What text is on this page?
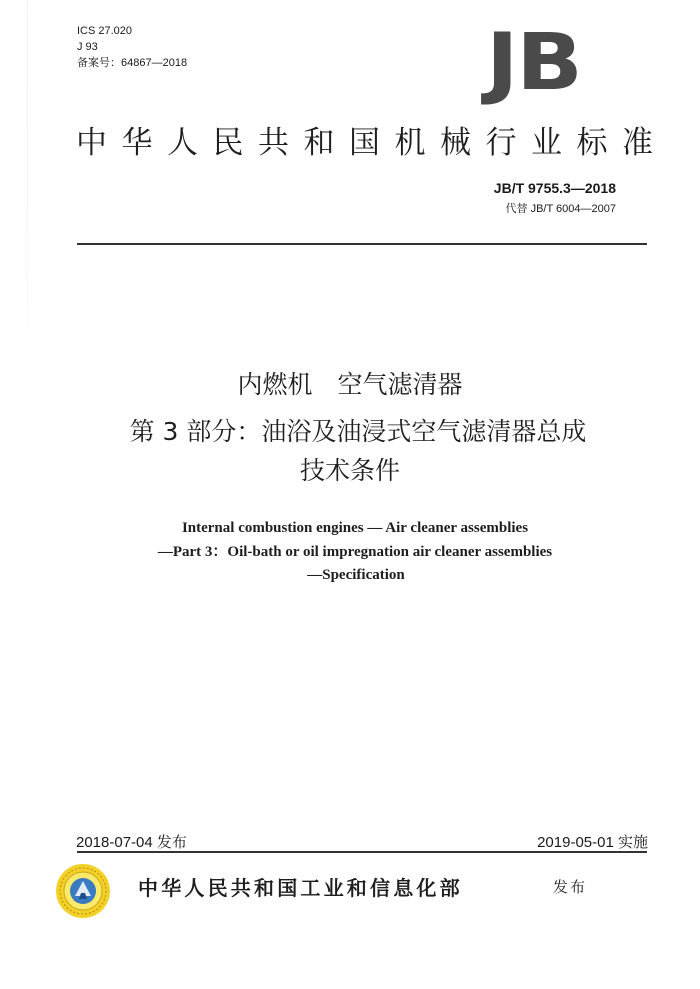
ICS 27.020
J 93
备案号：64867—2018	JB
中华人民共和国机械行业标准
JB/T 9755.3—2018
代替 JB/T 6004—2007
内燃机　空气滤清器
第 3 部分：油浴及油浸式空气滤清器总成
技术条件
Internal combustion engines — Air cleaner assemblies
—Part 3：Oil-bath or oil impregnation air cleaner assemblies
—Specification
2018-07-04 发布	2019-05-01 实施
中华人民共和国工业和信息化部	发布
